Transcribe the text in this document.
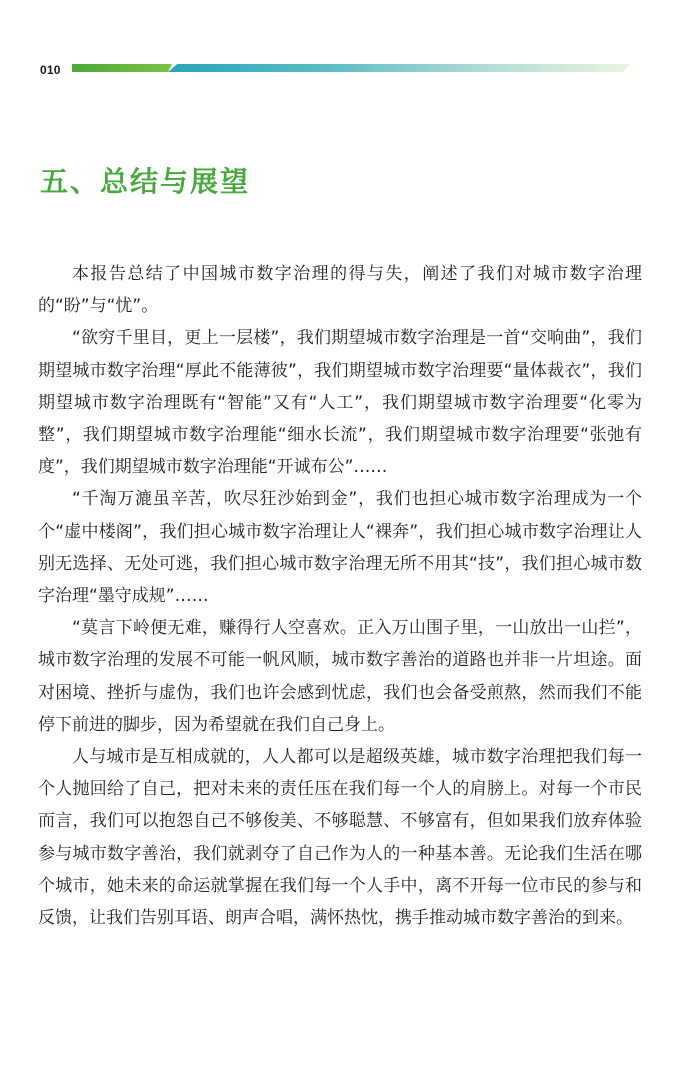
010
五、总结与展望

本报告总结了中国城市数字治理的得与失，阐述了我们对城市数字治理的“盼”与“忧”。

“欲穷千里目，更上一层楼”，我们期望城市数字治理是一首“交响曲”，我们期望城市数字治理“厚此不能薄彼”，我们期望城市数字治理要“量体裁衣”，我们期望城市数字治理既有“智能”又有“人工”，我们期望城市数字治理要“化零为整”，我们期望城市数字治理能“细水长流”，我们期望城市数字治理要“张弛有度”，我们期望城市数字治理能“开诚布公”……

“千淘万漉虽辛苦，吹尽狂沙始到金”，我们也担心城市数字治理成为一个个“虚中楼阁”，我们担心城市数字治理让人“裸奔”，我们担心城市数字治理让人别无选择、无处可逃，我们担心城市数字治理无所不用其“技”，我们担心城市数字治理“墨守成规”……

“莫言下岭便无难，赚得行人空喜欢。正入万山围子里，一山放出一山拦”，城市数字治理的发展不可能一帆风顺，城市数字善治的道路也并非一片坦途。面对困境、挫折与虚伪，我们也许会感到忧虑，我们也会备受煎熬，然而我们不能停下前进的脚步，因为希望就在我们自己身上。

人与城市是互相成就的，人人都可以是超级英雄，城市数字治理把我们每一个人抛回给了自己，把对未来的责任压在我们每一个人的肩膀上。对每一个市民而言，我们可以抱怨自己不够俊美、不够聪慧、不够富有，但如果我们放弃体验参与城市数字善治，我们就剥夺了自己作为人的一种基本善。无论我们生活在哪个城市，她未来的命运就掌握在我们每一个人手中，离不开每一位市民的参与和反馈，让我们告别耳语、朗声合唱，满怀热忱，携手推动城市数字善治的到来。
